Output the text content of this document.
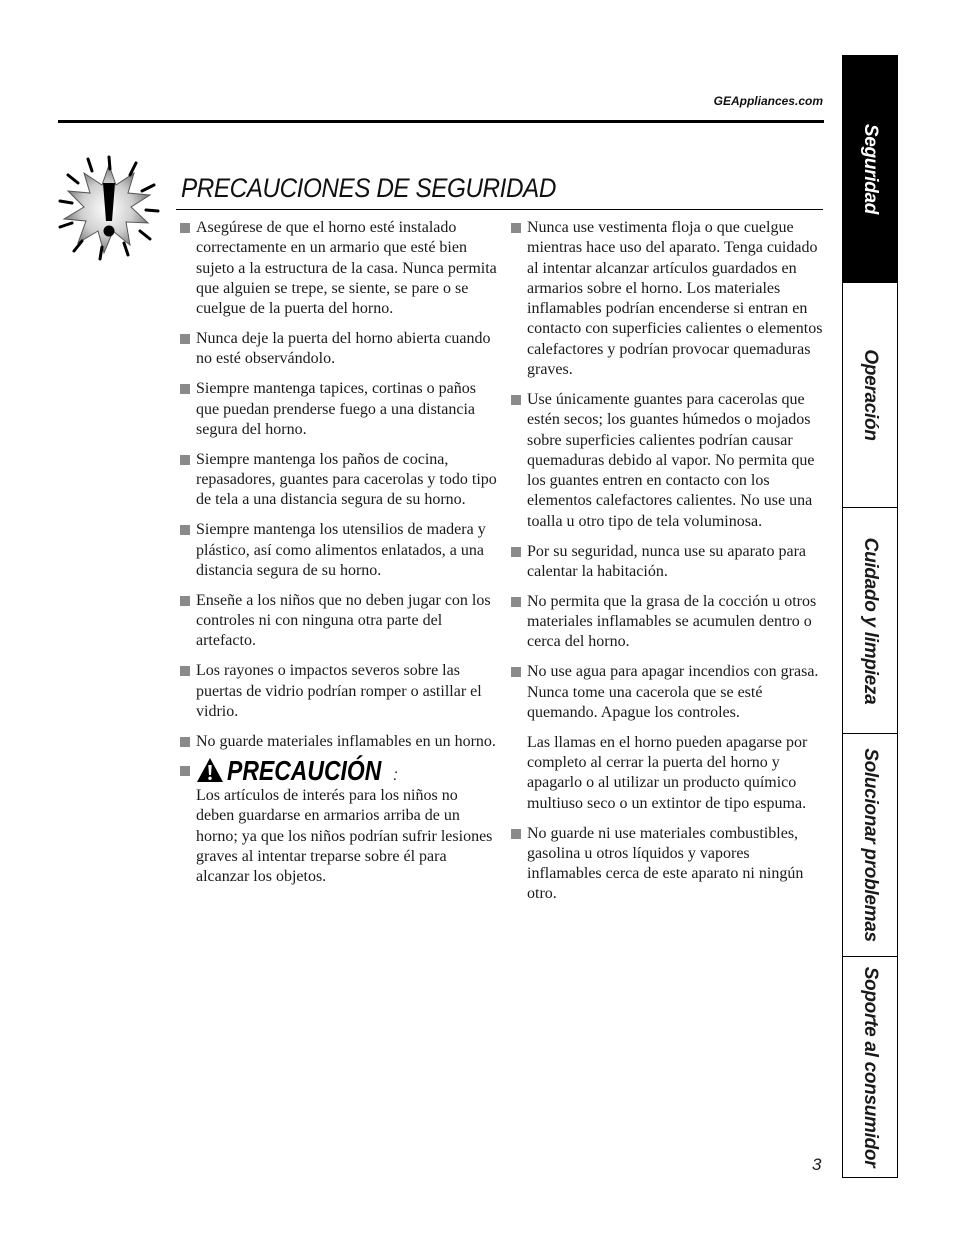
GEAppliances.com
PRECAUCIONES DE SEGURIDAD
Asegúrese de que el horno esté instalado correctamente en un armario que esté bien sujeto a la estructura de la casa. Nunca permita que alguien se trepe, se siente, se pare o se cuelgue de la puerta del horno.
Nunca deje la puerta del horno abierta cuando no esté observándolo.
Siempre mantenga tapices, cortinas o paños que puedan prenderse fuego a una distancia segura del horno.
Siempre mantenga los paños de cocina, repasadores, guantes para cacerolas y todo tipo de tela a una distancia segura de su horno.
Siempre mantenga los utensilios de madera y plástico, así como alimentos enlatados, a una distancia segura de su horno.
Enseñe a los niños que no deben jugar con los controles ni con ninguna otra parte del artefacto.
Los rayones o impactos severos sobre las puertas de vidrio podrían romper o astillar el vidrio.
No guarde materiales inflamables en un horno.
PRECAUCIÓN :
Los artículos de interés para los niños no deben guardarse en armarios arriba de un horno; ya que los niños podrían sufrir lesiones graves al intentar treparse sobre él para alcanzar los objetos.
Nunca use vestimenta floja o que cuelgue mientras hace uso del aparato. Tenga cuidado al intentar alcanzar artículos guardados en armarios sobre el horno. Los materiales inflamables podrían encenderse si entran en contacto con superficies calientes o elementos calefactores y podrían provocar quemaduras graves.
Use únicamente guantes para cacerolas que estén secos; los guantes húmedos o mojados sobre superficies calientes podrían causar quemaduras debido al vapor. No permita que los guantes entren en contacto con los elementos calefactores calientes. No use una toalla u otro tipo de tela voluminosa.
Por su seguridad, nunca use su aparato para calentar la habitación.
No permita que la grasa de la cocción u otros materiales inflamables se acumulen dentro o cerca del horno.
No use agua para apagar incendios con grasa. Nunca tome una cacerola que se esté quemando. Apague los controles.
Las llamas en el horno pueden apagarse por completo al cerrar la puerta del horno y apagarlo o al utilizar un producto químico multiuso seco o un extintor de tipo espuma.
No guarde ni use materiales combustibles, gasolina u otros líquidos y vapores inflamables cerca de este aparato ni ningún otro.
Seguridad
Operación
Cuidado y limpieza
Solucionar problemas
Soporte al consumidor
3
